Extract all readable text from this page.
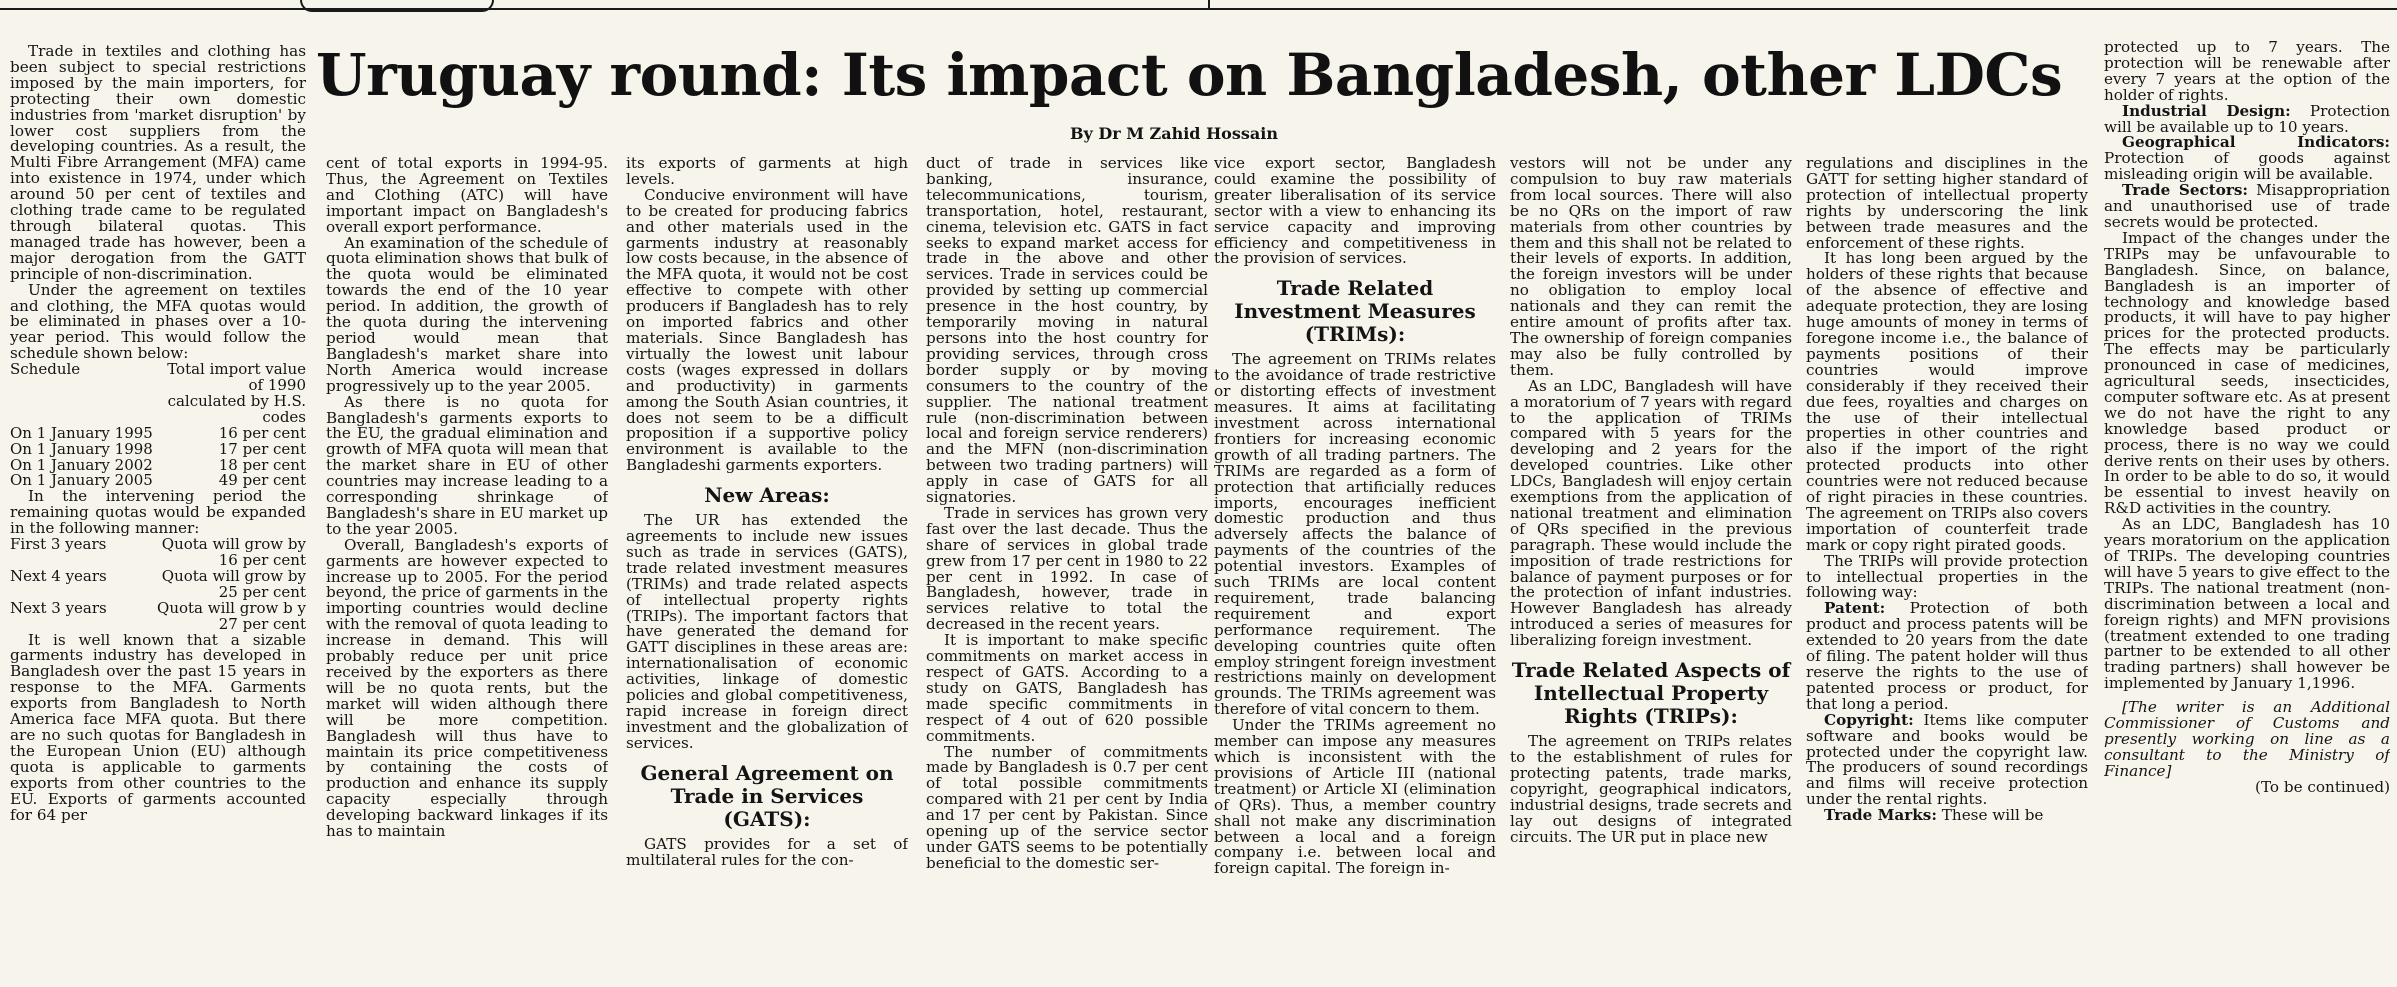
Uruguay round: Its impact on Bangladesh, other LDCs
By Dr M Zahid Hossain

Trade in textiles and clothing has been subject to special restrictions imposed by the main importers, for protecting their own domestic industries from 'market disruption' by lower cost suppliers from the developing countries. As a result, the Multi Fibre Arrangement (MFA) came into existence in 1974, under which around 50 per cent of textiles and clothing trade came to be regulated through bilateral quotas. This managed trade has however, been a major derogation from the GATT principle of non-discrimination.

Under the agreement on textiles and clothing, the MFA quotas would be eliminated in phases over a 10-year period. This would follow the schedule shown below:

Schedule	Total import value of 1990 calculated by H.S. codes
On 1 January 1995	16 per cent
On 1 January 1998	17 per cent
On 1 January 2002	18 per cent
On 1 January 2005	49 per cent

In the intervening period the remaining quotas would be expanded in the following manner:

First 3 years	Quota will grow by 16 per cent
Next 4 years	Quota will grow by 25 per cent
Next 3 years	Quota will grow b y 27 per cent

It is well known that a sizable garments industry has developed in Bangladesh over the past 15 years in response to the MFA. Garments exports from Bangladesh to North America face MFA quota. But there are no such quotas for Bangladesh in the European Union (EU) although quota is applicable to garments exports from other countries to the EU. Exports of garments accounted for 64 per

cent of total exports in 1994-95. Thus, the Agreement on Textiles and Clothing (ATC) will have important impact on Bangladesh's overall export performance.

An examination of the schedule of quota elimination shows that bulk of the quota would be eliminated towards the end of the 10 year period. In addition, the growth of the quota during the intervening period would mean that Bangladesh's market share into North America would increase progressively up to the year 2005.

As there is no quota for Bangladesh's garments exports to the EU, the gradual elimination and growth of MFA quota will mean that the market share in EU of other countries may increase leading to a corresponding shrinkage of Bangladesh's share in EU market up to the year 2005.

Overall, Bangladesh's exports of garments are however expected to increase up to 2005. For the period beyond, the price of garments in the importing countries would decline with the removal of quota leading to increase in demand. This will probably reduce per unit price received by the exporters as there will be no quota rents, but the market will widen although there will be more competition. Bangladesh will thus have to maintain its price competitiveness by containing the costs of production and enhance its supply capacity especially through developing backward linkages if its has to maintain

its exports of garments at high levels.

Conducive environment will have to be created for producing fabrics and other materials used in the garments industry at reasonably low costs because, in the absence of the MFA quota, it would not be cost effective to compete with other producers if Bangladesh has to rely on imported fabrics and other materials. Since Bangladesh has virtually the lowest unit labour costs (wages expressed in dollars and productivity) in garments among the South Asian countries, it does not seem to be a difficult proposition if a supportive policy environment is available to the Bangladeshi garments exporters.

New Areas:

The UR has extended the agreements to include new issues such as trade in services (GATS), trade related investment measures (TRIMs) and trade related aspects of intellectual property rights (TRIPs). The important factors that have generated the demand for GATT disciplines in these areas are: internationalisation of economic activities, linkage of domestic policies and global competitiveness, rapid increase in foreign direct investment and the globalization of services.

General Agreement on Trade in Services (GATS):

GATS provides for a set of multilateral rules for the con-

duct of trade in services like banking, insurance, telecommunications, tourism, transportation, hotel, restaurant, cinema, television etc. GATS in fact seeks to expand market access for trade in the above and other services. Trade in services could be provided by setting up commercial presence in the host country, by temporarily moving in natural persons into the host country for providing services, through cross border supply or by moving consumers to the country of the supplier. The national treatment rule (non-discrimination between local and foreign service renderers) and the MFN (non-discrimination between two trading partners) will apply in case of GATS for all signatories.

Trade in services has grown very fast over the last decade. Thus the share of services in global trade grew from 17 per cent in 1980 to 22 per cent in 1992. In case of Bangladesh, however, trade in services relative to total the decreased in the recent years.

It is important to make specific commitments on market access in respect of GATS. According to a study on GATS, Bangladesh has made specific commitments in respect of 4 out of 620 possible commitments.

The number of commitments made by Bangladesh is 0.7 per cent of total possible commitments compared with 21 per cent by India and 17 per cent by Pakistan. Since opening up of the service sector under GATS seems to be potentially beneficial to the domestic ser-

vice export sector, Bangladesh could examine the possibility of greater liberalisation of its service sector with a view to enhancing its service capacity and improving efficiency and competitiveness in the provision of services.

Trade Related Investment Measures (TRIMs):

The agreement on TRIMs relates to the avoidance of trade restrictive or distorting effects of investment measures. It aims at facilitating investment across international frontiers for increasing economic growth of all trading partners. The TRIMs are regarded as a form of protection that artificially reduces imports, encourages inefficient domestic production and thus adversely affects the balance of payments of the countries of the potential investors. Examples of such TRIMs are local content requirement, trade balancing requirement and export performance requirement. The developing countries quite often employ stringent foreign investment restrictions mainly on development grounds. The TRIMs agreement was therefore of vital concern to them.

Under the TRIMs agreement no member can impose any measures which is inconsistent with the provisions of Article III (national treatment) or Article XI (elimination of QRs). Thus, a member country shall not make any discrimination between a local and a foreign company i.e. between local and foreign capital. The foreign in-

vestors will not be under any compulsion to buy raw materials from local sources. There will also be no QRs on the import of raw materials from other countries by them and this shall not be related to their levels of exports. In addition, the foreign investors will be under no obligation to employ local nationals and they can remit the entire amount of profits after tax. The ownership of foreign companies may also be fully controlled by them.

As an LDC, Bangladesh will have a moratorium of 7 years with regard to the application of TRIMs compared with 5 years for the developing and 2 years for the developed countries. Like other LDCs, Bangladesh will enjoy certain exemptions from the application of national treatment and elimination of QRs specified in the previous paragraph. These would include the imposition of trade restrictions for balance of payment purposes or for the protection of infant industries. However Bangladesh has already introduced a series of measures for liberalizing foreign investment.

Trade Related Aspects of Intellectual Property Rights (TRIPs):

The agreement on TRIPs relates to the establishment of rules for protecting patents, trade marks, copyright, geographical indicators, industrial designs, trade secrets and lay out designs of integrated circuits. The UR put in place new

regulations and disciplines in the GATT for setting higher standard of protection of intellectual property rights by underscoring the link between trade measures and the enforcement of these rights.

It has long been argued by the holders of these rights that because of the absence of effective and adequate protection, they are losing huge amounts of money in terms of foregone income i.e., the balance of payments positions of their countries would improve considerably if they received their due fees, royalties and charges on the use of their intellectual properties in other countries and also if the import of the right protected products into other countries were not reduced because of right piracies in these countries. The agreement on TRIPs also covers importation of counterfeit trade mark or copy right pirated goods.

The TRIPs will provide protection to intellectual properties in the following way:

Patent: Protection of both product and process patents will be extended to 20 years from the date of filing. The patent holder will thus reserve the rights to the use of patented process or product, for that long a period.

Copyright: Items like computer software and books would be protected under the copyright law. The producers of sound recordings and films will receive protection under the rental rights.

Trade Marks: These will be

protected up to 7 years. The protection will be renewable after every 7 years at the option of the holder of rights.

Industrial Design: Protection will be available up to 10 years.

Geographical Indicators: Protection of goods against misleading origin will be available.

Trade Sectors: Misappropriation and unauthorised use of trade secrets would be protected.

Impact of the changes under the TRIPs may be unfavourable to Bangladesh. Since, on balance, Bangladesh is an importer of technology and knowledge based products, it will have to pay higher prices for the protected products. The effects may be particularly pronounced in case of medicines, agricultural seeds, insecticides, computer software etc. As at present we do not have the right to any knowledge based product or process, there is no way we could derive rents on their uses by others. In order to be able to do so, it would be essential to invest heavily on R&D activities in the country.

As an LDC, Bangladesh has 10 years moratorium on the application of TRIPs. The developing countries will have 5 years to give effect to the TRIPs. The national treatment (non-discrimination between a local and foreign rights) and MFN provisions (treatment extended to one trading partner to be extended to all other trading partners) shall however be implemented by January 1,1996.

[The writer is an Additional Commissioner of Customs and presently working on line as a consultant to the Ministry of Finance]

(To be continued)
